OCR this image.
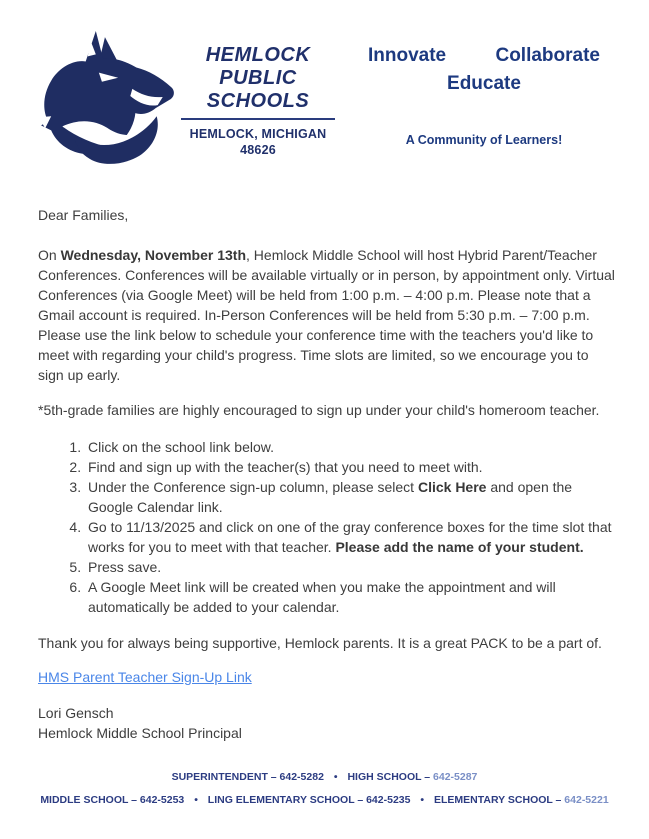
HEMLOCK
PUBLIC
SCHOOLS
HEMLOCK, MICHIGAN
48626
Innovate	Collaborate
Educate
A Community of Learners!

Dear Families,

On Wednesday, November 13th, Hemlock Middle School will host Hybrid Parent/Teacher Conferences. Conferences will be available virtually or in person, by appointment only. Virtual Conferences (via Google Meet) will be held from 1:00 p.m. – 4:00 p.m. Please note that a Gmail account is required. In-Person Conferences will be held from 5:30 p.m. – 7:00 p.m. Please use the link below to schedule your conference time with the teachers you'd like to meet with regarding your child's progress. Time slots are limited, so we encourage you to sign up early.

*5th-grade families are highly encouraged to sign up under your child's homeroom teacher.

1. Click on the school link below.
2. Find and sign up with the teacher(s) that you need to meet with.
3. Under the Conference sign-up column, please select Click Here and open the Google Calendar link.
4. Go to 11/13/2025 and click on one of the gray conference boxes for the time slot that works for you to meet with that teacher. Please add the name of your student.
5. Press save.
6. A Google Meet link will be created when you make the appointment and will automatically be added to your calendar.

Thank you for always being supportive, Hemlock parents. It is a great PACK to be a part of.

HMS Parent Teacher Sign-Up Link

Lori Gensch

Hemlock Middle School Principal

SUPERINTENDENT – 642-5282 • HIGH SCHOOL – 642-5287
MIDDLE SCHOOL – 642-5253 • LING ELEMENTARY SCHOOL – 642-5235 • ELEMENTARY SCHOOL – 642-5221
